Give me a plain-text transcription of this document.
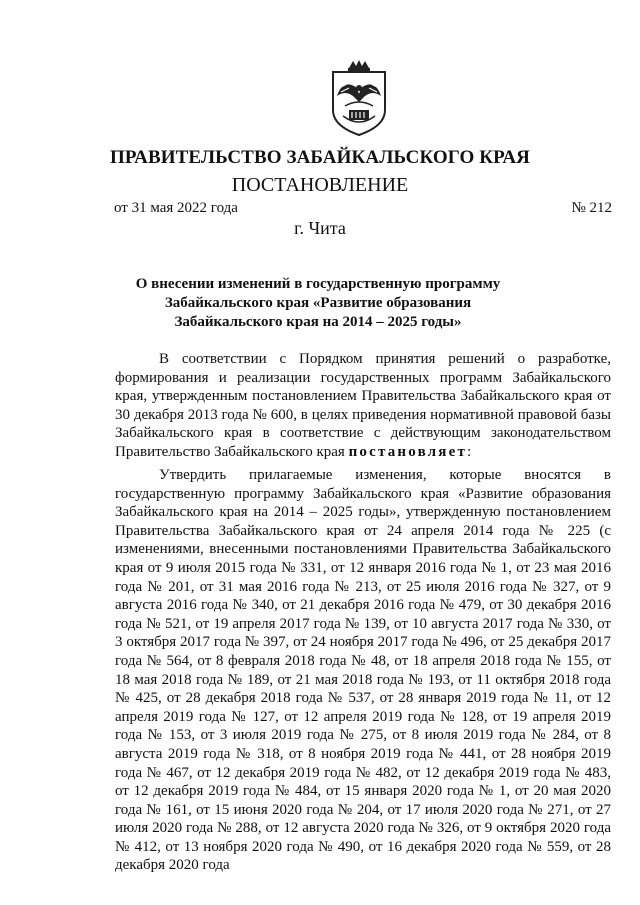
ПРАВИТЕЛЬСТВО ЗАБАЙКАЛЬСКОГО КРАЯ
ПОСТАНОВЛЕНИЕ
от 31 мая 2022 года	№ 212
г. Чита
О внесении изменений в государственную программу Забайкальского края «Развитие образования Забайкальского края на 2014 – 2025 годы»

В соответствии с Порядком принятия решений о разработке, формирования и реализации государственных программ Забайкальского края, утвержденным постановлением Правительства Забайкальского края от 30 декабря 2013 года № 600, в целях приведения нормативной правовой базы Забайкальского края в соответствие с действующим законодательством Правительство Забайкальского края постановляет:

Утвердить прилагаемые изменения, которые вносятся в государственную программу Забайкальского края «Развитие образования Забайкальского края на 2014 – 2025 годы», утвержденную постановлением Правительства Забайкальского края от 24 апреля 2014 года № 225 (с изменениями, внесенными постановлениями Правительства Забайкальского края от 9 июля 2015 года № 331, от 12 января 2016 года № 1, от 23 мая 2016 года № 201, от 31 мая 2016 года № 213, от 25 июля 2016 года № 327, от 9 августа 2016 года № 340, от 21 декабря 2016 года № 479, от 30 декабря 2016 года № 521, от 19 апреля 2017 года № 139, от 10 августа 2017 года № 330, от 3 октября 2017 года № 397, от 24 ноября 2017 года № 496, от 25 декабря 2017 года № 564, от 8 февраля 2018 года № 48, от 18 апреля 2018 года № 155, от 18 мая 2018 года № 189, от 21 мая 2018 года № 193, от 11 октября 2018 года № 425, от 28 декабря 2018 года № 537, от 28 января 2019 года № 11, от 12 апреля 2019 года № 127, от 12 апреля 2019 года № 128, от 19 апреля 2019 года № 153, от 3 июля 2019 года № 275, от 8 июля 2019 года № 284, от 8 августа 2019 года № 318, от 8 ноября 2019 года № 441, от 28 ноября 2019 года № 467, от 12 декабря 2019 года № 482, от 12 декабря 2019 года № 483, от 12 декабря 2019 года № 484, от 15 января 2020 года № 1, от 20 мая 2020 года № 161, от 15 июня 2020 года № 204, от 17 июля 2020 года № 271, от 27 июля 2020 года № 288, от 12 августа 2020 года № 326, от 9 октября 2020 года № 412, от 13 ноября 2020 года № 490, от 16 декабря 2020 года № 559, от 28 декабря 2020 года
